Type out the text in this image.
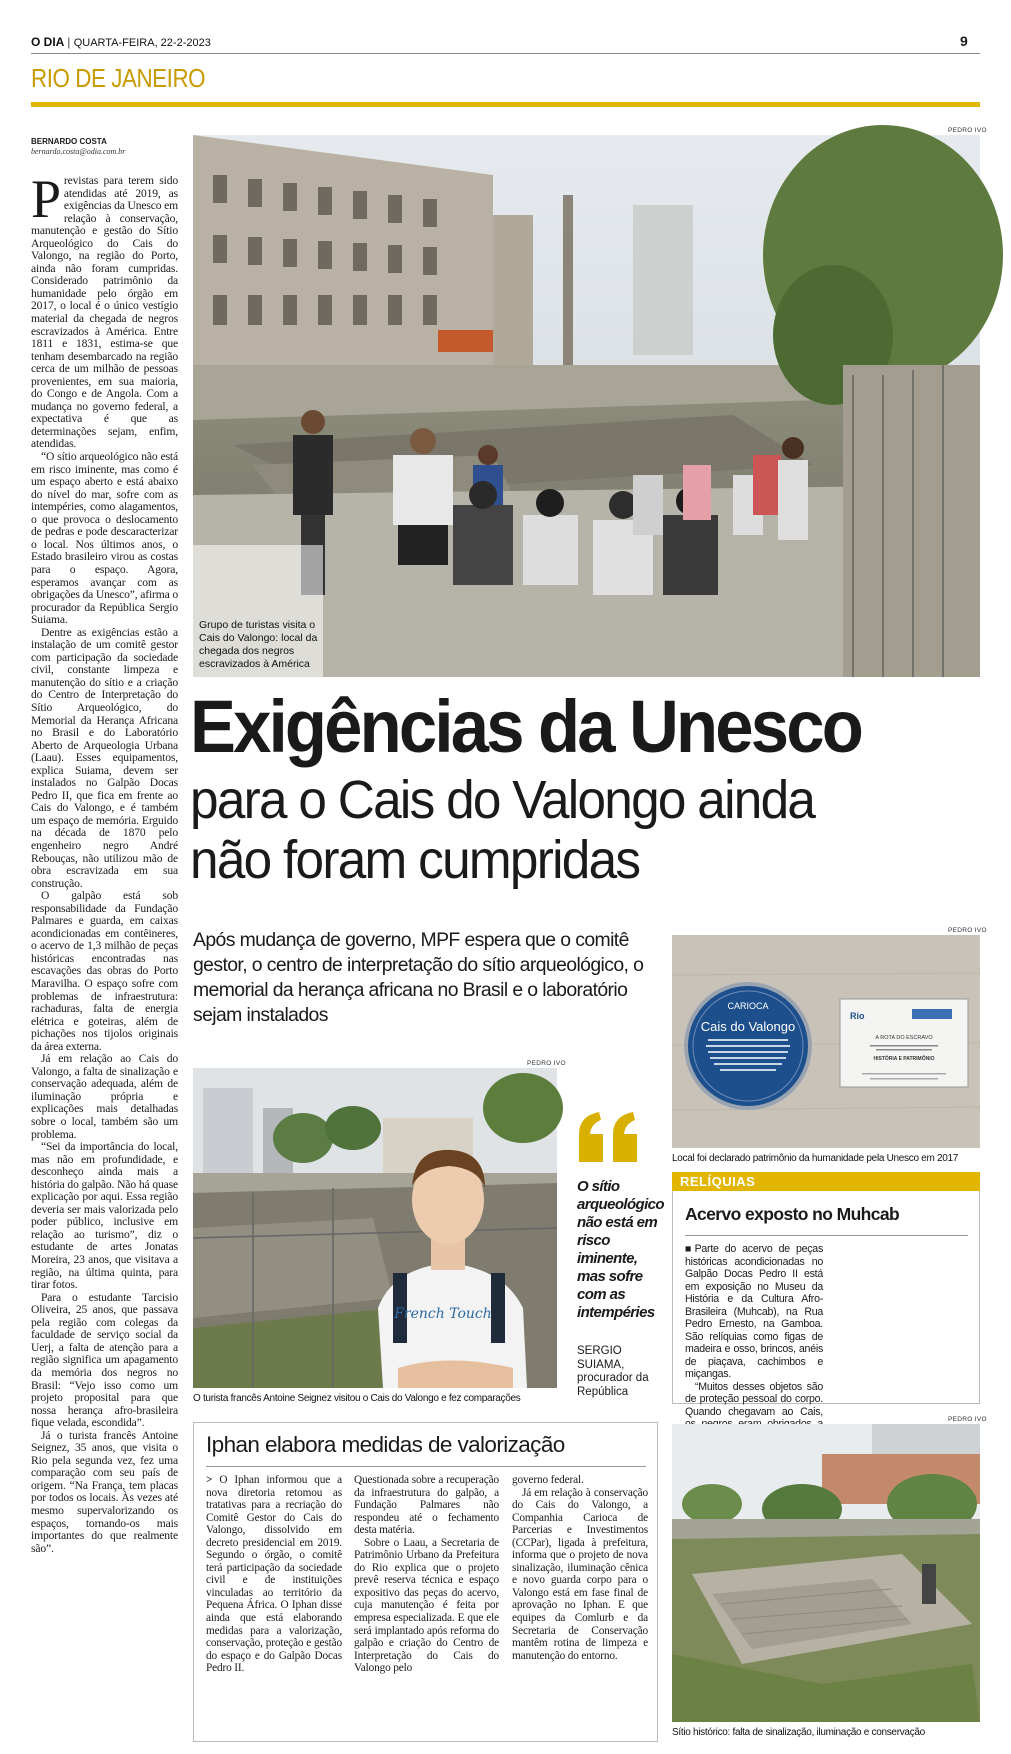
O DIA | QUARTA-FEIRA, 22-2-2023	9
RIO DE JANEIRO
BERNARDO COSTA
bernardo.costa@odia.com.br

Previstas para terem sido atendidas até 2019, as exigências da Unesco em relação à conservação, manutenção e gestão do Sítio Arqueológico do Cais do Valongo, na região do Porto, ainda não foram cumpridas. Considerado patrimônio da humanidade pelo órgão em 2017, o local é o único vestígio material da chegada de negros escravizados à América. Entre 1811 e 1831, estima-se que tenham desembarcado na região cerca de um milhão de pessoas provenientes, em sua maioria, do Congo e de Angola. Com a mudança no governo federal, a expectativa é que as determinações sejam, enfim, atendidas.

“O sítio arqueológico não está em risco iminente, mas como é um espaço aberto e está abaixo do nível do mar, sofre com as intempéries, como alagamentos, o que provoca o deslocamento de pedras e pode descaracterizar o local. Nos últimos anos, o Estado brasileiro virou as costas para o espaço. Agora, esperamos avançar com as obrigações da Unesco”, afirma o procurador da República Sergio Suiama.

Dentre as exigências estão a instalação de um comitê gestor com participação da sociedade civil, constante limpeza e manutenção do sítio e a criação do Centro de Interpretação do Sítio Arqueológico, do Memorial da Herança Africana no Brasil e do Laboratório Aberto de Arqueologia Urbana (Laau). Esses equipamentos, explica Suiama, devem ser instalados no Galpão Docas Pedro II, que fica em frente ao Cais do Valongo, e é também um espaço de memória. Erguido na década de 1870 pelo engenheiro negro André Rebouças, não utilizou mão de obra escravizada em sua construção.

O galpão está sob responsabilidade da Fundação Palmares e guarda, em caixas acondicionadas em contêineres, o acervo de 1,3 milhão de peças históricas encontradas nas escavações das obras do Porto Maravilha. O espaço sofre com problemas de infraestrutura: rachaduras, falta de energia elétrica e goteiras, além de pichações nos tijolos originais da área externa.

Já em relação ao Cais do Valongo, a falta de sinalização e conservação adequada, além de iluminação própria e explicações mais detalhadas sobre o local, também são um problema.

“Sei da importância do local, mas não em profundidade, e desconheço ainda mais a história do galpão. Não há quase explicação por aqui. Essa região deveria ser mais valorizada pelo poder público, inclusive em relação ao turismo”, diz o estudante de artes Jonatas Moreira, 23 anos, que visitava a região, na última quinta, para tirar fotos.

Para o estudante Tarcisio Oliveira, 25 anos, que passava pela região com colegas da faculdade de serviço social da Uerj, a falta de atenção para a região significa um apagamento da memória dos negros no Brasil: “Vejo isso como um projeto proposital para que nossa herança afro-brasileira fique velada, escondida”.

Já o turista francês Antoine Seignez, 35 anos, que visita o Rio pela segunda vez, fez uma comparação com seu país de origem. “Na França, tem placas por todos os locais. Às vezes até mesmo supervalorizando os espaços, tornando-os mais importantes do que realmente são”.

PEDRO IVO
Grupo de turistas visita o Cais do Valongo: local da chegada dos negros escravizados à América
Exigências da Unesco
para o Cais do Valongo ainda
não foram cumpridas
Após mudança de governo, MPF espera que o comitê gestor, o centro de interpretação do sítio arqueológico, o memorial da herança africana no Brasil e o laboratório sejam instalados
PEDRO IVO
CARIOCA
Cais do Valongo
Rio
A ROTA DO ESCRAVO
HISTÓRIA E PATRIMÔNIO
Local foi declarado patrimônio da humanidade pela Unesco em 2017
PEDRO IVO
French Touch
O turista francês Antoine Seignez visitou o Cais do Valongo e fez comparações
O sítio arqueológico não está em risco iminente, mas sofre com as intempéries
SERGIO SUIAMA, procurador da República
RELÍQUIAS
Acervo exposto no Muhcab
■Parte do acervo de peças históricas acondicionadas no Galpão Docas Pedro II está em exposição no Museu da História e da Cultura Afro-Brasileira (Muhcab), na Rua Pedro Ernesto, na Gamboa. São relíquias como figas de madeira e osso, brincos, anéis de piaçava, cachimbos e miçangas.
“Muitos desses objetos são de proteção pessoal do corpo. Quando chegavam ao Cais,
Iphan elabora medidas de valorização
> O Iphan informou que a nova diretoria retomou as tratativas para a recriação do Comitê Gestor do Cais do Valongo, dissolvido em decreto presidencial em 2019. Segundo o órgão, o comitê terá participação da sociedade civil e de instituições vinculadas ao território da Pequena África. O Iphan disse ainda que está elaborando medidas para a valorização, conservação, proteção e gestão do espaço e do Galpão Docas Pedro II.

Questionada sobre a recuperação da infraestrutura do galpão, a Fundação Palmares não respondeu até o fechamento desta matéria.

Sobre o Laau, a Secretaria de Patrimônio Urbano da Prefeitura do Rio explica que o projeto prevê reserva técnica e espaço expositivo das peças do acervo, cuja manutenção é feita por empresa especializada. E que ele será implantado após reforma do galpão e criação do Centro de Interpretação do Cais do Valongo pelo

governo federal.

Já em relação à conservação do Cais do Valongo, a Companhia Carioca de Parcerias e Investimentos (CCPar), ligada à prefeitura, informa que o projeto de nova sinalização, iluminação cênica e novo guarda corpo para o Valongo está em fase final de aprovação no Iphan. E que equipes da Comlurb e da Secretaria de Conservação mantêm rotina de limpeza e manutenção do entorno.

PEDRO IVO
Sítio histórico: falta de sinalização, iluminação e conservação
